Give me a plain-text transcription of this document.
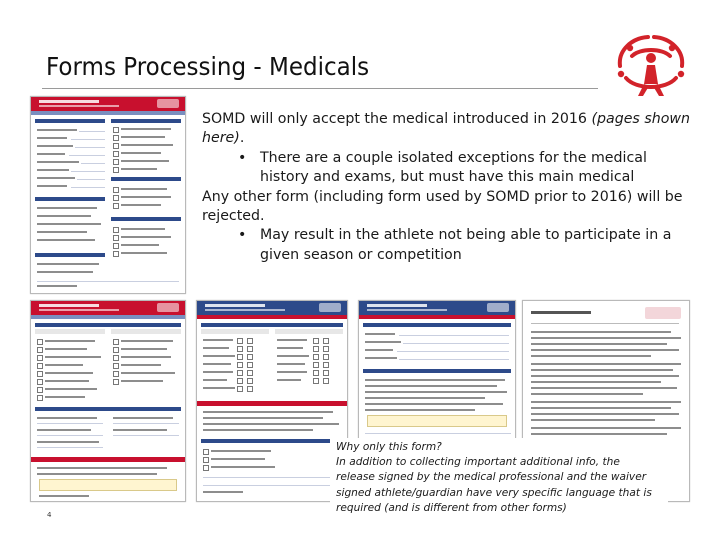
Forms Processing - Medicals

SOMD will only accept the medical introduced in 2016 (pages shown here).

• There are a couple isolated exceptions for the medical history and exams, but must have this main medical

Any other form (including form used by SOMD prior to 2016) will be rejected.

• May result in the athlete not being able to participate in a given season or competition

Why only this form?

In addition to collecting important additional info, the release signed by the medical professional and the waiver signed athlete/guardian have very specific language that is required (and is different from other forms)

4
